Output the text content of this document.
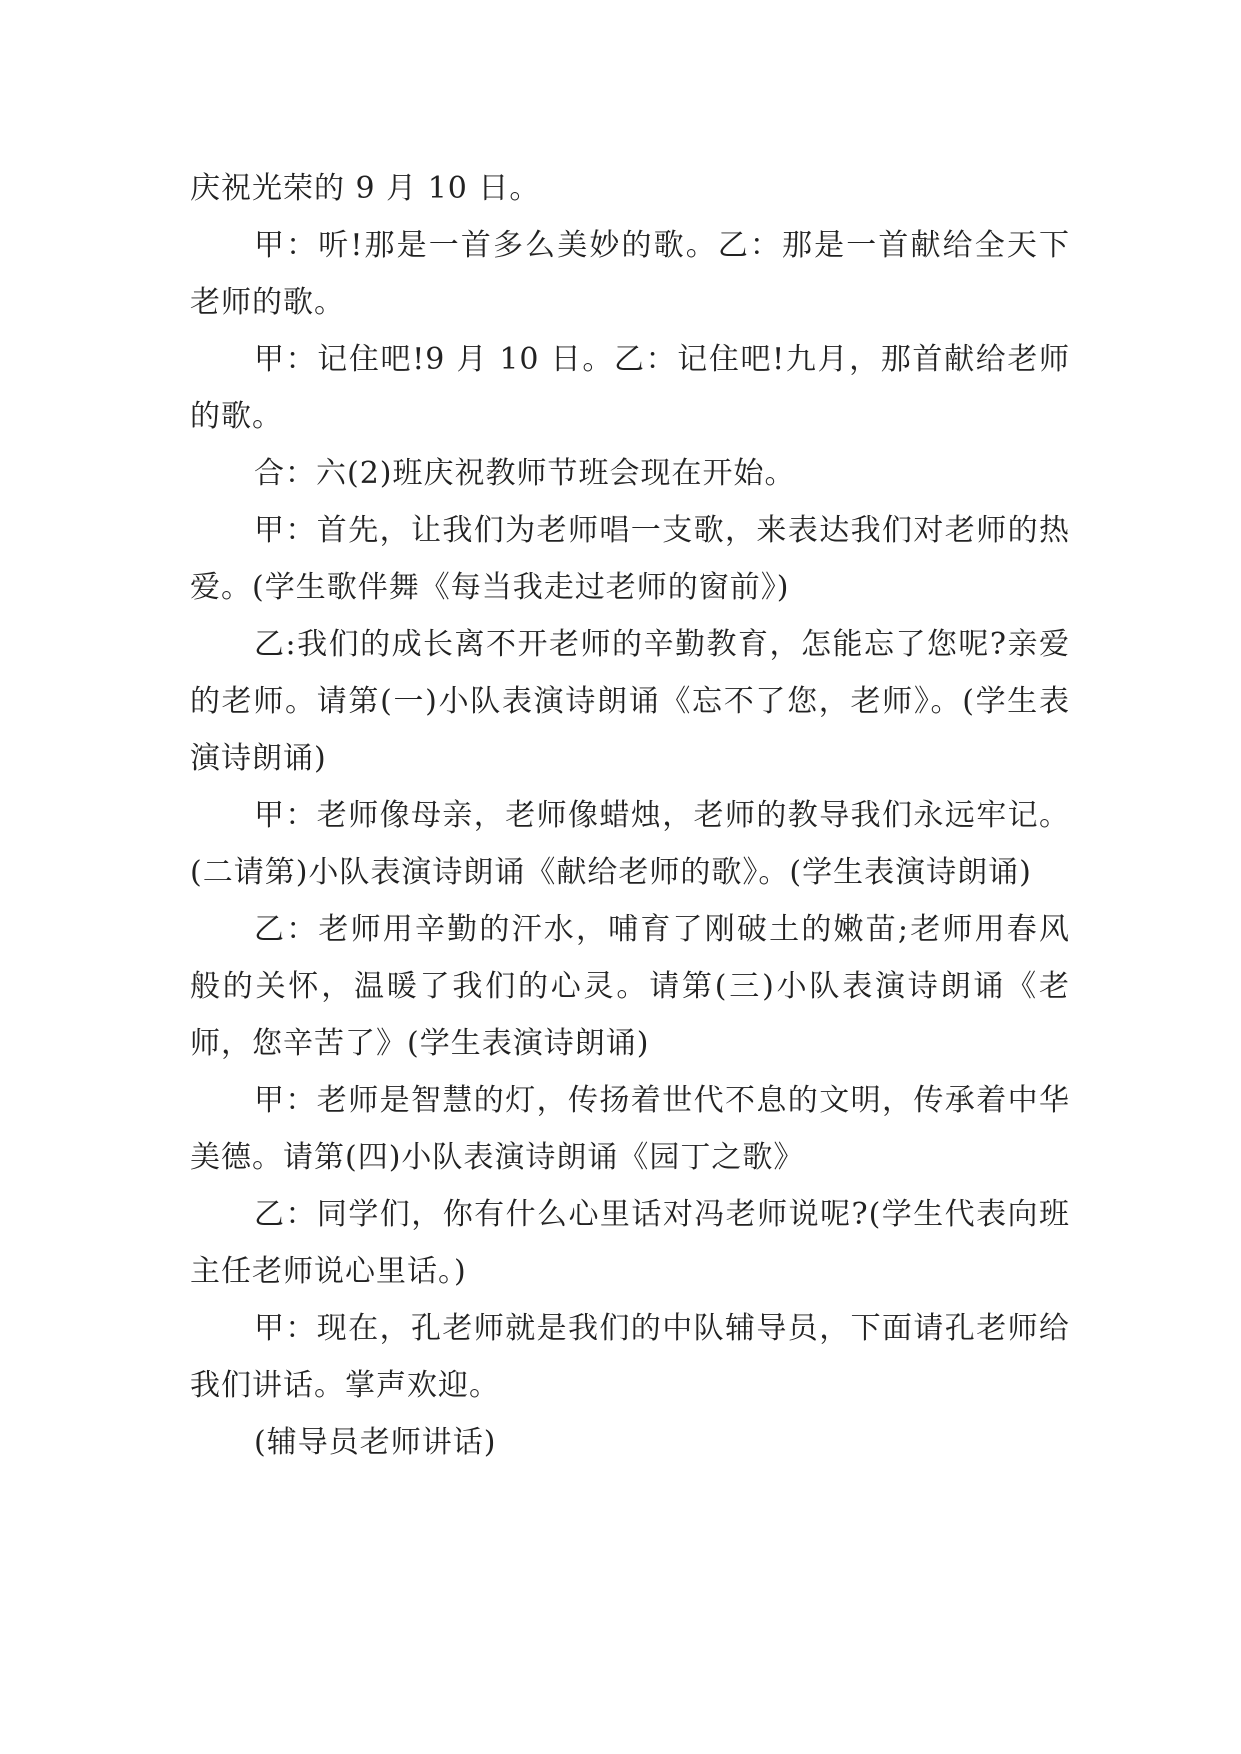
庆祝光荣的 9 月 10 日。

甲：听!那是一首多么美妙的歌。乙：那是一首献给全天下老师的歌。

甲：记住吧!9 月 10 日。乙：记住吧!九月，那首献给老师的歌。

合：六(2)班庆祝教师节班会现在开始。

甲：首先，让我们为老师唱一支歌，来表达我们对老师的热爱。(学生歌伴舞《每当我走过老师的窗前》)

乙:我们的成长离不开老师的辛勤教育，怎能忘了您呢?亲爱的老师。请第(一)小队表演诗朗诵《忘不了您，老师》。(学生表演诗朗诵)

甲：老师像母亲，老师像蜡烛，老师的教导我们永远牢记。(二请第)小队表演诗朗诵《献给老师的歌》。(学生表演诗朗诵)

乙：老师用辛勤的汗水，哺育了刚破土的嫩苗;老师用春风般的关怀，温暖了我们的心灵。请第(三)小队表演诗朗诵《老师，您辛苦了》(学生表演诗朗诵)

甲：老师是智慧的灯，传扬着世代不息的文明，传承着中华美德。请第(四)小队表演诗朗诵《园丁之歌》

乙：同学们，你有什么心里话对冯老师说呢?(学生代表向班主任老师说心里话。)

甲：现在，孔老师就是我们的中队辅导员，下面请孔老师给我们讲话。掌声欢迎。

(辅导员老师讲话)
